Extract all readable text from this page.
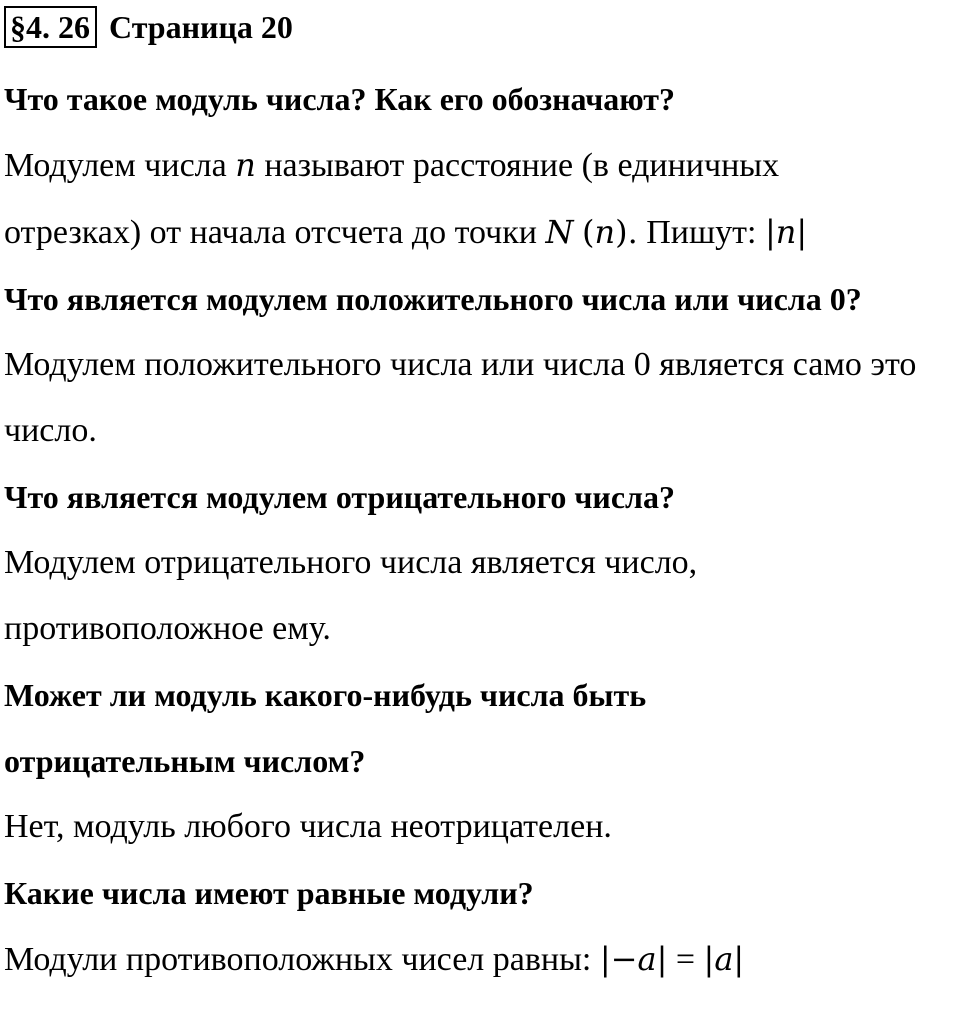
§4. 26 Страница 20

Что такое модуль числа? Как его обозначают?

Модулем числа n называют расстояние (в единичных отрезках) от начала отсчета до точки N (n). Пишут: |n|

Что является модулем положительного числа или числа 0?

Модулем положительного числа или числа 0 является само это число.

Что является модулем отрицательного числа?

Модулем отрицательного числа является число, противоположное ему.

Может ли модуль какого-нибудь числа быть отрицательным числом?

Нет, модуль любого числа неотрицателен.

Какие числа имеют равные модули?

Модули противоположных чисел равны: |−a| = |a|
